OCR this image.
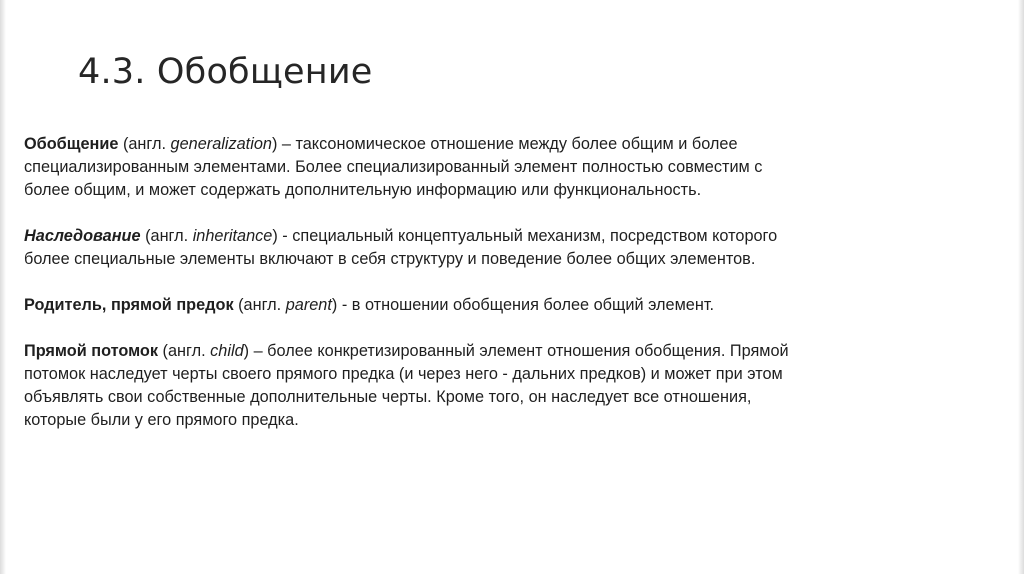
4.3. Обобщение

Обобщение (англ. generalization) – таксономическое отношение между более общим и более
специализированным элементами. Более специализированный элемент полностью совместим с
более общим, и может содержать дополнительную информацию или функциональность.

Наследование (англ. inheritance) - специальный концептуальный механизм, посредством которого
более специальные элементы включают в себя структуру и поведение более общих элементов.

Родитель, прямой предок (англ. parent) - в отношении обобщения более общий элемент.

Прямой потомок (англ. child) – более конкретизированный элемент отношения обобщения. Прямой
потомок наследует черты своего прямого предка (и через него - дальних предков) и может при этом
объявлять свои собственные дополнительные черты. Кроме того, он наследует все отношения,
которые были у его прямого предка.
